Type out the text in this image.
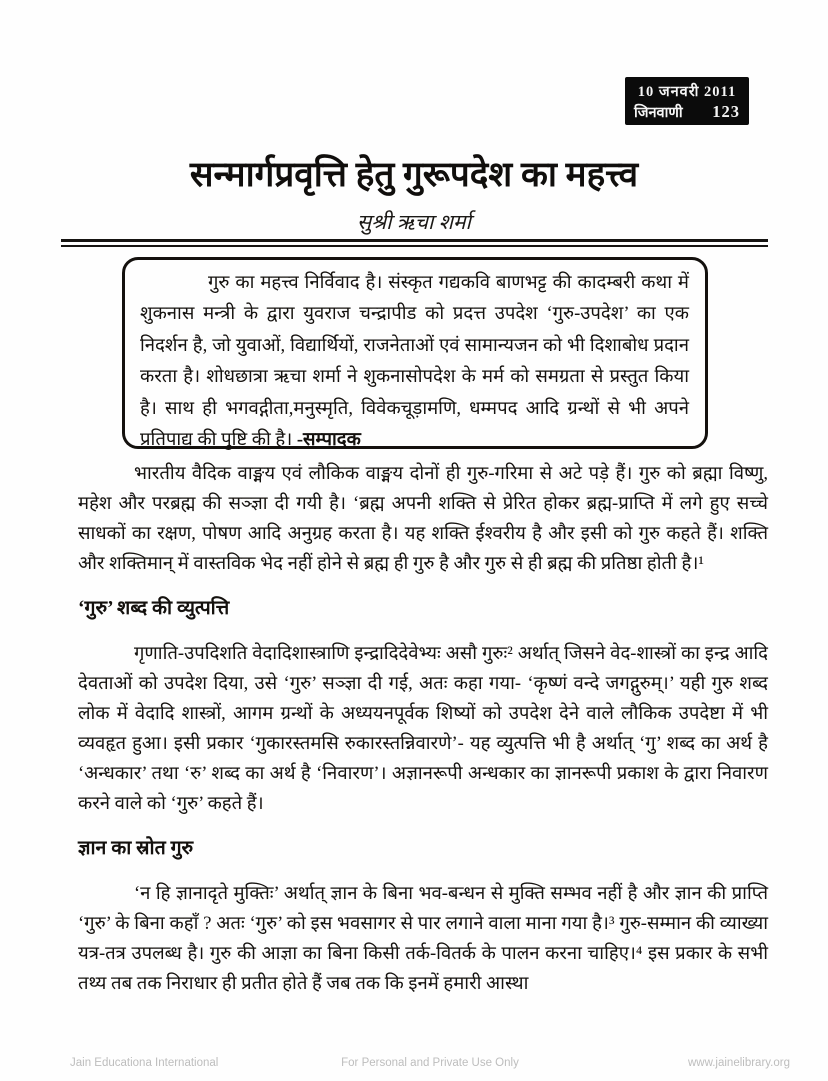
10 जनवरी 2011
जिनवाणी 123
सन्मार्गप्रवृत्ति हेतु गुरूपदेश का महत्त्व
सुश्री ऋचा शर्मा
गुरु का महत्त्व निर्विवाद है। संस्कृत गद्यकवि बाणभट्ट की कादम्बरी कथा में शुकनास मन्त्री के द्वारा युवराज चन्द्रापीड को प्रदत्त उपदेश ‘गुरु-उपदेश’ का एक निदर्शन है, जो युवाओं, विद्यार्थियों, राजनेताओं एवं सामान्यजन को भी दिशाबोध प्रदान करता है। शोधछात्रा ऋचा शर्मा ने शुकनासोपदेश के मर्म को समग्रता से प्रस्तुत किया है। साथ ही भगवद्गीता,मनुस्मृति, विवेकचूड़ामणि, धम्मपद आदि ग्रन्थों से भी अपने प्रतिपाद्य की पुष्टि की है। -सम्पादक

भारतीय वैदिक वाङ्मय एवं लौकिक वाङ्मय दोनों ही गुरु-गरिमा से अटे पड़े हैं। गुरु को ब्रह्मा विष्णु, महेश और परब्रह्म की सञ्ज्ञा दी गयी है। ‘ब्रह्म अपनी शक्ति से प्रेरित होकर ब्रह्म-प्राप्ति में लगे हुए सच्चे साधकों का रक्षण, पोषण आदि अनुग्रह करता है। यह शक्ति ईश्वरीय है और इसी को गुरु कहते हैं। शक्ति और शक्तिमान् में वास्तविक भेद नहीं होने से ब्रह्म ही गुरु है और गुरु से ही ब्रह्म की प्रतिष्ठा होती है।¹

‘गुरु’ शब्द की व्युत्पत्ति

गृणाति-उपदिशति वेदादिशास्त्राणि इन्द्रादिदेवेभ्यः असौ गुरुः² अर्थात् जिसने वेद-शास्त्रों का इन्द्र आदि देवताओं को उपदेश दिया, उसे ‘गुरु’ सञ्ज्ञा दी गई, अतः कहा गया- ‘कृष्णं वन्दे जगद्गुरुम्।’ यही गुरु शब्द लोक में वेदादि शास्त्रों, आगम ग्रन्थों के अध्ययनपूर्वक शिष्यों को उपदेश देने वाले लौकिक उपदेष्टा में भी व्यवहृत हुआ। इसी प्रकार ‘गुकारस्तमसि रुकारस्तन्निवारणे’- यह व्युत्पत्ति भी है अर्थात् ‘गु’ शब्द का अर्थ है ‘अन्धकार’ तथा ‘रु’ शब्द का अर्थ है ‘निवारण’। अज्ञानरूपी अन्धकार का ज्ञानरूपी प्रकाश के द्वारा निवारण करने वाले को ‘गुरु’ कहते हैं।

ज्ञान का स्रोत गुरु

‘न हि ज्ञानादृते मुक्तिः’ अर्थात् ज्ञान के बिना भव-बन्धन से मुक्ति सम्भव नहीं है और ज्ञान की प्राप्ति ‘गुरु’ के बिना कहाँ ? अतः ‘गुरु’ को इस भवसागर से पार लगाने वाला माना गया है।³ गुरु-सम्मान की व्याख्या यत्र-तत्र उपलब्ध है। गुरु की आज्ञा का बिना किसी तर्क-वितर्क के पालन करना चाहिए।⁴ इस प्रकार के सभी तथ्य तब तक निराधार ही प्रतीत होते हैं जब तक कि इनमें हमारी आस्था

Jain Educationa International	For Personal and Private Use Only	www.jainelibrary.org
